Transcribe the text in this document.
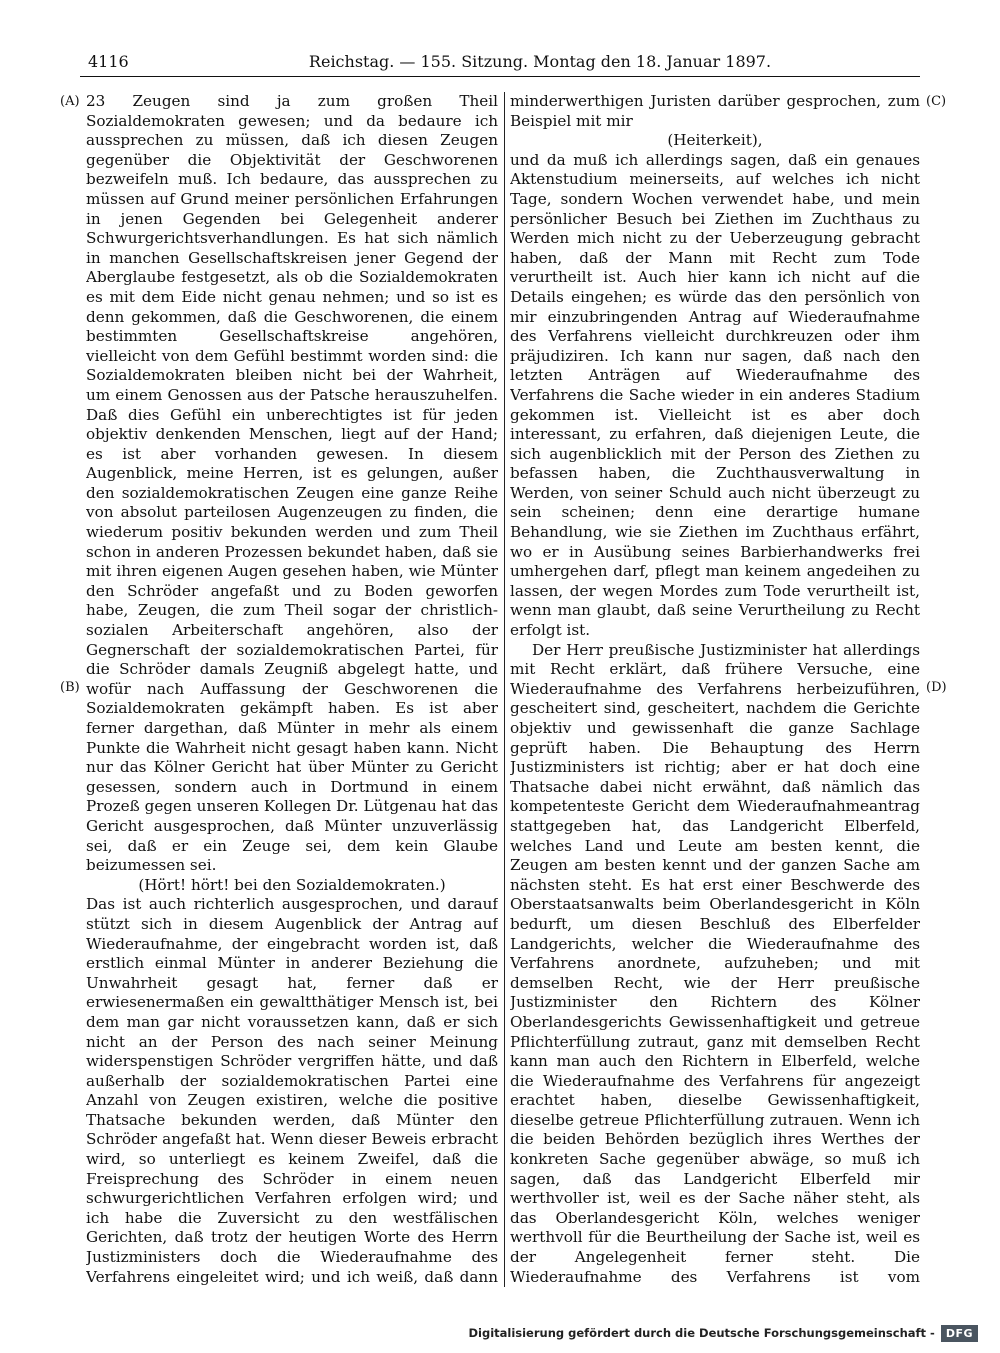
4116	Reichstag. — 155. Sitzung. Montag den 18. Januar 1897.
(A)
(B)
(C)
(D)

23 Zeugen sind ja zum großen Theil Sozialdemokraten gewesen; und da bedaure ich aussprechen zu müssen, daß ich diesen Zeugen gegenüber die Objektivität der Geschworenen bezweifeln muß. Ich bedaure, das aussprechen zu müssen auf Grund meiner persönlichen Erfahrungen in jenen Gegenden bei Gelegenheit anderer Schwurgerichtsverhandlungen. Es hat sich nämlich in manchen Gesellschaftskreisen jener Gegend der Aberglaube festgesetzt, als ob die Sozialdemokraten es mit dem Eide nicht genau nehmen; und so ist es denn gekommen, daß die Geschworenen, die einem bestimmten Gesellschaftskreise angehören, vielleicht von dem Gefühl bestimmt worden sind: die Sozialdemokraten bleiben nicht bei der Wahrheit, um einem Genossen aus der Patsche herauszuhelfen. Daß dies Gefühl ein unberechtigtes ist für jeden objektiv denkenden Menschen, liegt auf der Hand; es ist aber vorhanden gewesen. In diesem Augenblick, meine Herren, ist es gelungen, außer den sozialdemokratischen Zeugen eine ganze Reihe von absolut parteilosen Augenzeugen zu finden, die wiederum positiv bekunden werden und zum Theil schon in anderen Prozessen bekundet haben, daß sie mit ihren eigenen Augen gesehen haben, wie Münter den Schröder angefaßt und zu Boden geworfen habe, Zeugen, die zum Theil sogar der christlich-sozialen Arbeiterschaft angehören, also der Gegnerschaft der sozialdemokratischen Partei, für die Schröder damals Zeugniß abgelegt hatte, und wofür nach Auffassung der Geschworenen die Sozialdemokraten gekämpft haben. Es ist aber ferner dargethan, daß Münter in mehr als einem Punkte die Wahrheit nicht gesagt haben kann. Nicht nur das Kölner Gericht hat über Münter zu Gericht gesessen, sondern auch in Dortmund in einem Prozeß gegen unseren Kollegen Dr. Lütgenau hat das Gericht ausgesprochen, daß Münter unzuverlässig sei, daß er ein Zeuge sei, dem kein Glaube beizumessen sei.

(Hört! hört! bei den Sozialdemokraten.)

Das ist auch richterlich ausgesprochen, und darauf stützt sich in diesem Augenblick der Antrag auf Wiederaufnahme, der eingebracht worden ist, daß erstlich einmal Münter in anderer Beziehung die Unwahrheit gesagt hat, ferner daß er erwiesenermaßen ein gewaltthätiger Mensch ist, bei dem man gar nicht voraussetzen kann, daß er sich nicht an der Person des nach seiner Meinung widerspenstigen Schröder vergriffen hätte, und daß außerhalb der sozialdemokratischen Partei eine Anzahl von Zeugen existiren, welche die positive Thatsache bekunden werden, daß Münter den Schröder angefaßt hat. Wenn dieser Beweis erbracht wird, so unterliegt es keinem Zweifel, daß die Freisprechung des Schröder in einem neuen schwurgerichtlichen Verfahren erfolgen wird; und ich habe die Zuversicht zu den westfälischen Gerichten, daß trotz der heutigen Worte des Herrn Justizministers doch die Wiederaufnahme des Verfahrens eingeleitet wird; und ich weiß, daß dann

minderwerthigen Juristen darüber gesprochen, zum Beispiel mit mir

(Heiterkeit),

und da muß ich allerdings sagen, daß ein genaues Aktenstudium meinerseits, auf welches ich nicht Tage, sondern Wochen verwendet habe, und mein persönlicher Besuch bei Ziethen im Zuchthaus zu Werden mich nicht zu der Ueberzeugung gebracht haben, daß der Mann mit Recht zum Tode verurtheilt ist. Auch hier kann ich nicht auf die Details eingehen; es würde das den persönlich von mir einzubringenden Antrag auf Wiederaufnahme des Verfahrens vielleicht durchkreuzen oder ihm präjudiziren. Ich kann nur sagen, daß nach den letzten Anträgen auf Wiederaufnahme des Verfahrens die Sache wieder in ein anderes Stadium gekommen ist. Vielleicht ist es aber doch interessant, zu erfahren, daß diejenigen Leute, die sich augenblicklich mit der Person des Ziethen zu befassen haben, die Zuchthausverwaltung in Werden, von seiner Schuld auch nicht überzeugt zu sein scheinen; denn eine derartige humane Behandlung, wie sie Ziethen im Zuchthaus erfährt, wo er in Ausübung seines Barbierhandwerks frei umhergehen darf, pflegt man keinem angedeihen zu lassen, der wegen Mordes zum Tode verurtheilt ist, wenn man glaubt, daß seine Verurtheilung zu Recht erfolgt ist.

Der Herr preußische Justizminister hat allerdings mit Recht erklärt, daß frühere Versuche, eine Wiederaufnahme des Verfahrens herbeizuführen, gescheitert sind, gescheitert, nachdem die Gerichte objektiv und gewissenhaft die ganze Sachlage geprüft haben. Die Behauptung des Herrn Justizministers ist richtig; aber er hat doch eine Thatsache dabei nicht erwähnt, daß nämlich das kompetenteste Gericht dem Wiederaufnahmeantrag stattgegeben hat, das Landgericht Elberfeld, welches Land und Leute am besten kennt, die Zeugen am besten kennt und der ganzen Sache am nächsten steht. Es hat erst einer Beschwerde des Oberstaatsanwalts beim Oberlandesgericht in Köln bedurft, um diesen Beschluß des Elberfelder Landgerichts, welcher die Wiederaufnahme des Verfahrens anordnete, aufzuheben; und mit demselben Recht, wie der Herr preußische Justizminister den Richtern des Kölner Oberlandesgerichts Gewissenhaftigkeit und getreue Pflichterfüllung zutraut, ganz mit demselben Recht kann man auch den Richtern in Elberfeld, welche die Wiederaufnahme des Verfahrens für angezeigt erachtet haben, dieselbe Gewissenhaftigkeit, dieselbe getreue Pflichterfüllung zutrauen. Wenn ich die beiden Behörden bezüglich ihres Werthes der konkreten Sache gegenüber abwäge, so muß ich sagen, daß das Landgericht Elberfeld mir werthvoller ist, weil es der Sache näher steht, als das Oberlandesgericht Köln, welches weniger werthvoll für die Beurtheilung der Sache ist, weil es der Angelegenheit ferner steht. Die Wiederaufnahme des Verfahrens ist vom

Digitalisierung gefördert durch die Deutsche Forschungsgemeinschaft -	DFG
